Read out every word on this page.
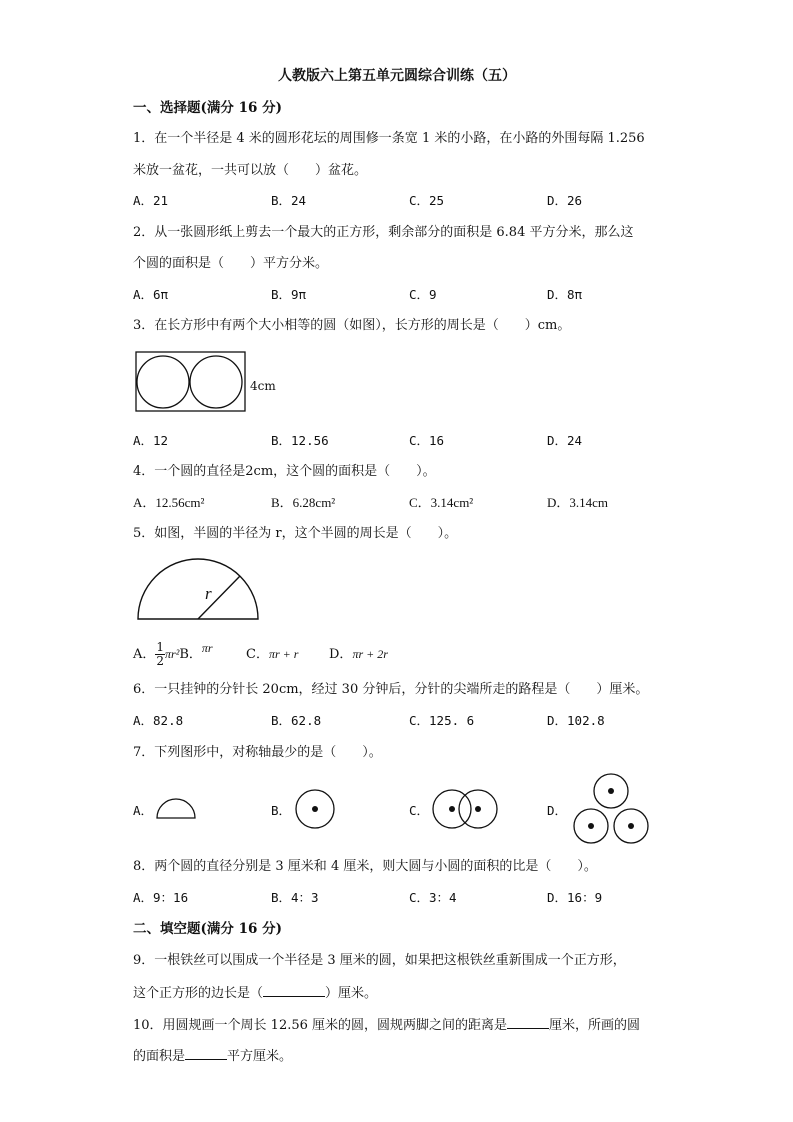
人教版六上第五单元圆综合训练（五）
一、选择题(满分 16 分)
1．在一个半径是 4 米的圆形花坛的周围修一条宽 1 米的小路，在小路的外围每隔 1.256
米放一盆花，一共可以放（　　）盆花。
A．21	B．24	C．25	D．26
2．从一张圆形纸上剪去一个最大的正方形，剩余部分的面积是 6.84 平方分米，那么这
个圆的面积是（　　）平方分米。
A．6π	B．9π	C．9	D．8π
3．在长方形中有两个大小相等的圆（如图），长方形的周长是（　　）cm。
4cm
A．12	B．12.56	C．16	D．24
4．一个圆的直径是2cm，这个圆的面积是（　　）。
A．12.56cm²	B．6.28cm²	C．3.14cm²	D．3.14cm
5．如图，半圆的半径为 r，这个半圆的周长是（　　）。
r
A． $\frac{1}{2} \pi r^2B$．πr	C．πr + r D．πr + 2r
6．一只挂钟的分针长 20cm，经过 30 分钟后，分针的尖端所走的路程是（　　）厘米。
A．82.8	B．62.8	C．125. 6	D．102.8
7．下列图形中，对称轴最少的是（　　）。
A．	B．	C．	D．
8．两个圆的直径分别是 3 厘米和 4 厘米，则大圆与小圆的面积的比是（　　）。
A．9：16	B．4：3	C．3：4	D．16：9
二、填空题(满分 16 分)
9．一根铁丝可以围成一个半径是 3 厘米的圆，如果把这根铁丝重新围成一个正方形，
这个正方形的边长是（	）厘米。
10．用圆规画一个周长 12.56 厘米的圆，圆规两脚之间的距离是	厘米，所画的圆
的面积是	平方厘米。
